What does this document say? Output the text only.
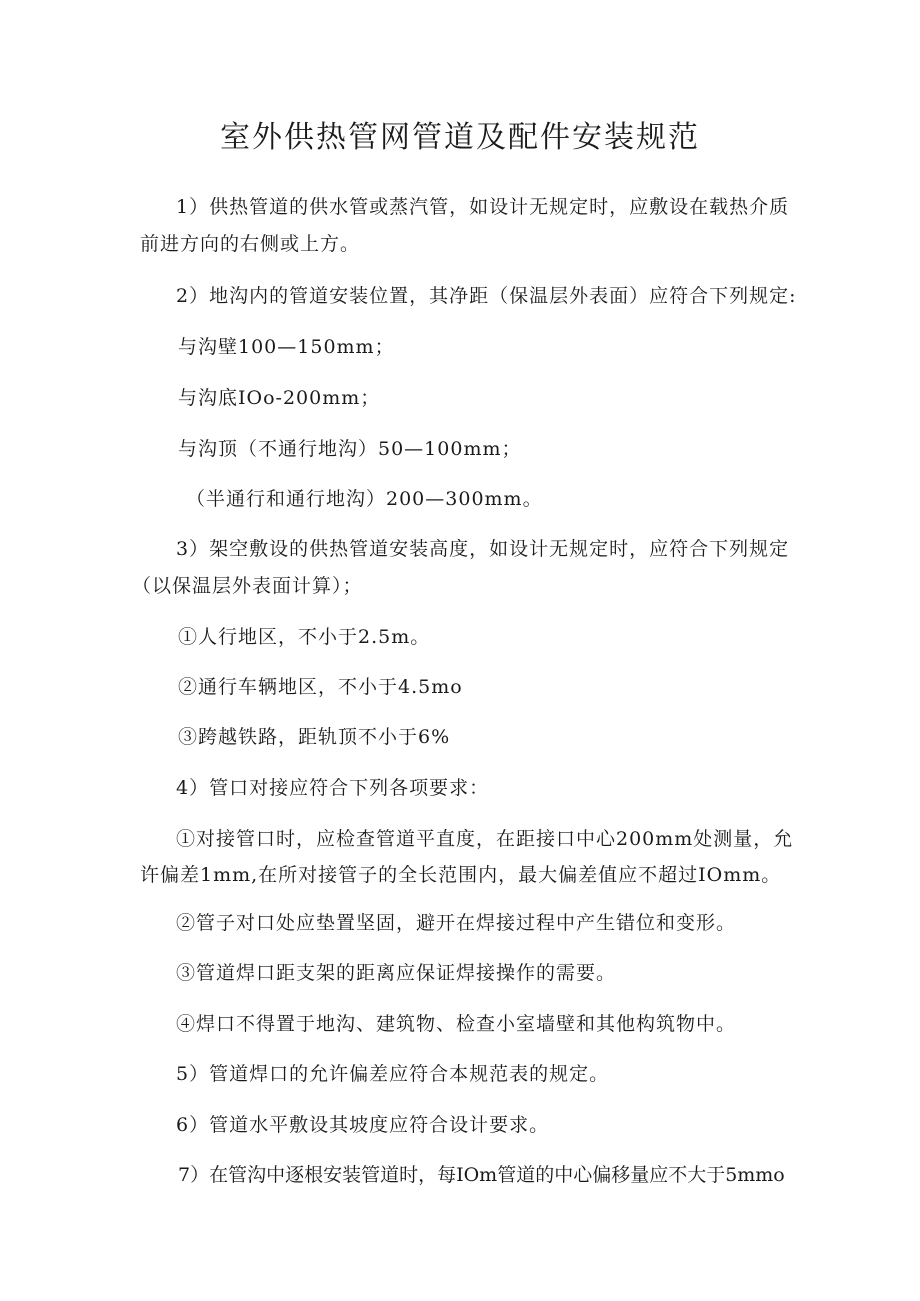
室外供热管网管道及配件安装规范
1）供热管道的供水管或蒸汽管，如设计无规定时，应敷设在载热介质
前进方向的右侧或上方。
2）地沟内的管道安装位置，其净距（保温层外表面）应符合下列规定:
与沟壁100—150mm；
与沟底IOo-200mm；
与沟顶（不通行地沟）50—100mm；
（半通行和通行地沟）200—300mm。
3）架空敷设的供热管道安装高度，如设计无规定时，应符合下列规定
（以保温层外表面计算）；
①人行地区，不小于2.5m。
②通行车辆地区，不小于4.5mo
③跨越铁路，距轨顶不小于6%
4）管口对接应符合下列各项要求：
①对接管口时，应检查管道平直度，在距接口中心200mm处测量，允
许偏差1mm,在所对接管子的全长范围内，最大偏差值应不超过IOmm。
②管子对口处应垫置坚固，避开在焊接过程中产生错位和变形。
③管道焊口距支架的距离应保证焊接操作的需要。
④焊口不得置于地沟、建筑物、检查小室墙壁和其他构筑物中。
5）管道焊口的允许偏差应符合本规范表的规定。
6）管道水平敷设其坡度应符合设计要求。
7）在管沟中逐根安装管道时，每IOm管道的中心偏移量应不大于5mmo
